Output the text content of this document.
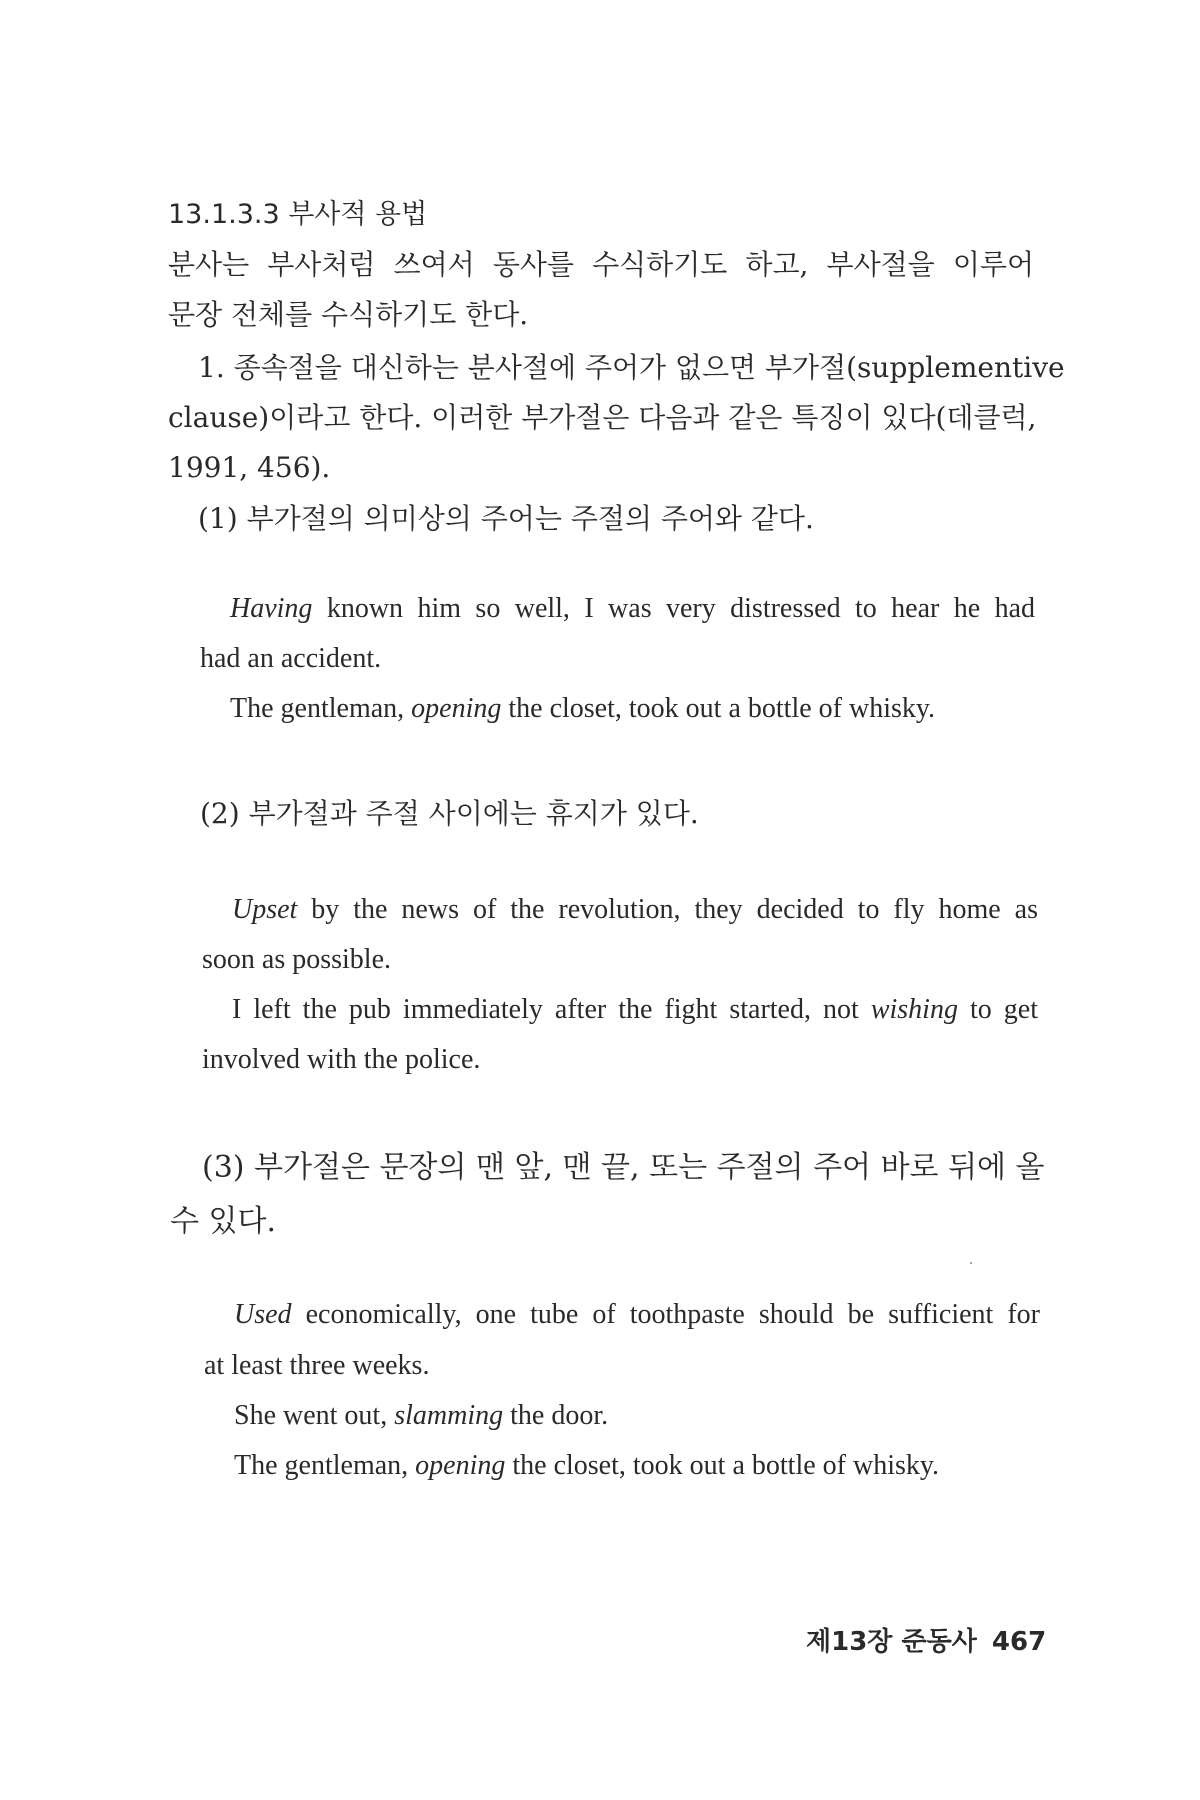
13.1.3.3 부사적 용법
분사는 부사처럼 쓰여서 동사를 수식하기도 하고, 부사절을 이루어
문장 전체를 수식하기도 한다.
1. 종속절을 대신하는 분사절에 주어가 없으면 부가절(supplementive
clause)이라고 한다. 이러한 부가절은 다음과 같은 특징이 있다(데클럭,
1991, 456).
(1) 부가절의 의미상의 주어는 주절의 주어와 같다.
Having known him so well, I was very distressed to hear he had
had an accident.
The gentleman, opening the closet, took out a bottle of whisky.
(2) 부가절과 주절 사이에는 휴지가 있다.
Upset by the news of the revolution, they decided to fly home as
soon as possible.
I left the pub immediately after the fight started, not wishing to get
involved with the police.
(3) 부가절은 문장의 맨 앞, 맨 끝, 또는 주절의 주어 바로 뒤에 올
수 있다.
Used economically, one tube of toothpaste should be sufficient for
at least three weeks.
She went out, slamming the door.
The gentleman, opening the closet, took out a bottle of whisky.
제13장 준동사 467
